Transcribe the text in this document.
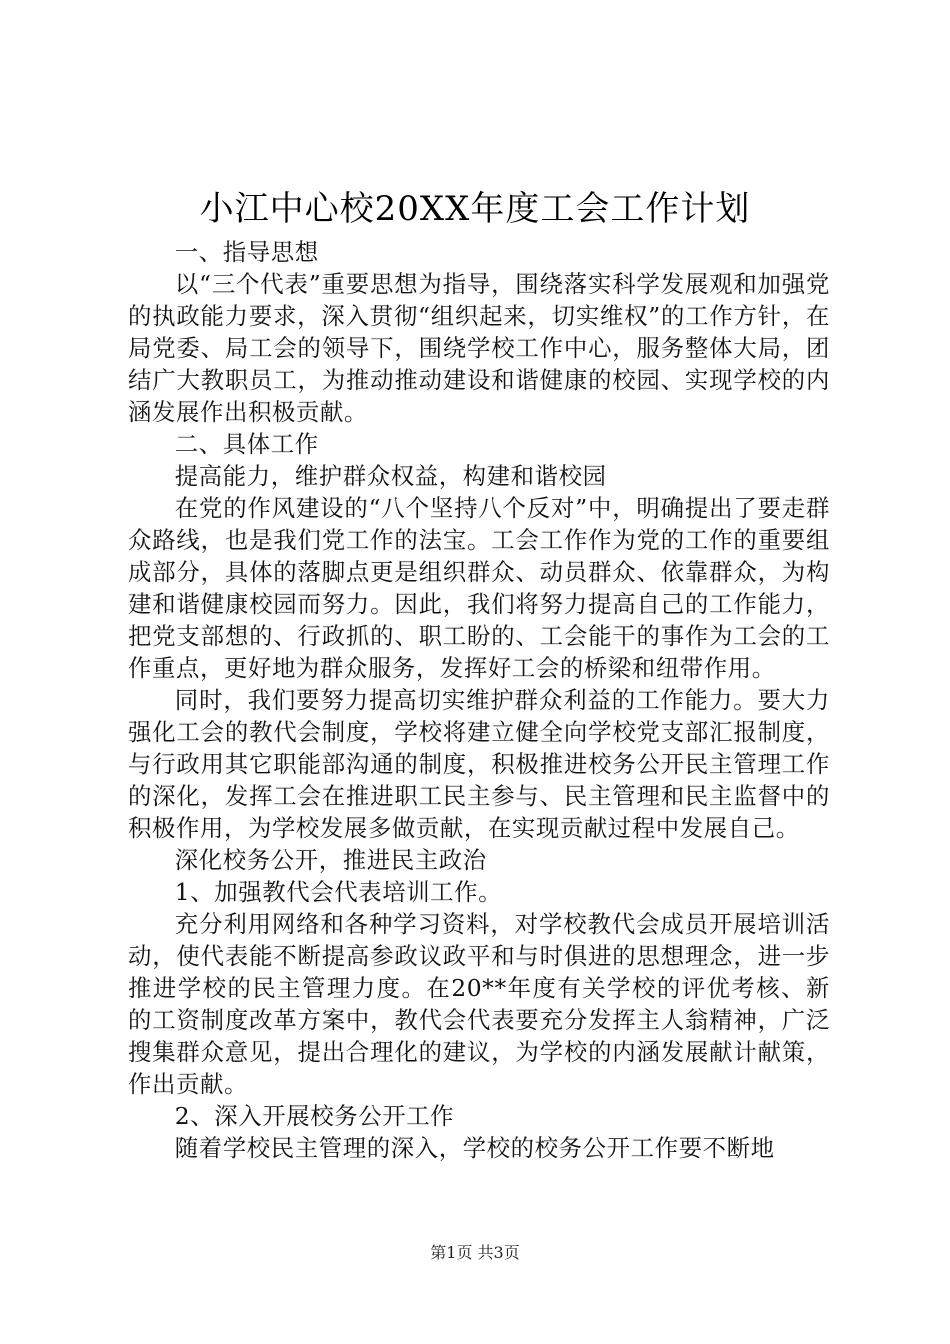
小江中心校20XX年度工会工作计划

一、指导思想

以“三个代表”重要思想为指导，围绕落实科学发展观和加强党的执政能力要求，深入贯彻“组织起来，切实维权”的工作方针，在局党委、局工会的领导下，围绕学校工作中心，服务整体大局，团结广大教职员工，为推动推动建设和谐健康的校园、实现学校的内涵发展作出积极贡献。

二、具体工作

提高能力，维护群众权益，构建和谐校园

在党的作风建设的“八个坚持八个反对”中，明确提出了要走群众路线，也是我们党工作的法宝。工会工作作为党的工作的重要组成部分，具体的落脚点更是组织群众、动员群众、依靠群众，为构建和谐健康校园而努力。因此，我们将努力提高自己的工作能力，把党支部想的、行政抓的、职工盼的、工会能干的事作为工会的工作重点，更好地为群众服务，发挥好工会的桥梁和纽带作用。

同时，我们要努力提高切实维护群众利益的工作能力。要大力强化工会的教代会制度，学校将建立健全向学校党支部汇报制度，与行政用其它职能部沟通的制度，积极推进校务公开民主管理工作的深化，发挥工会在推进职工民主参与、民主管理和民主监督中的积极作用，为学校发展多做贡献，在实现贡献过程中发展自己。

深化校务公开，推进民主政治

1、加强教代会代表培训工作。

充分利用网络和各种学习资料，对学校教代会成员开展培训活动，使代表能不断提高参政议政平和与时俱进的思想理念，进一步推进学校的民主管理力度。在20**年度有关学校的评优考核、新的工资制度改革方案中，教代会代表要充分发挥主人翁精神，广泛搜集群众意见，提出合理化的建议，为学校的内涵发展献计献策，作出贡献。

2、深入开展校务公开工作

随着学校民主管理的深入，学校的校务公开工作要不断地

第1页 共3页
